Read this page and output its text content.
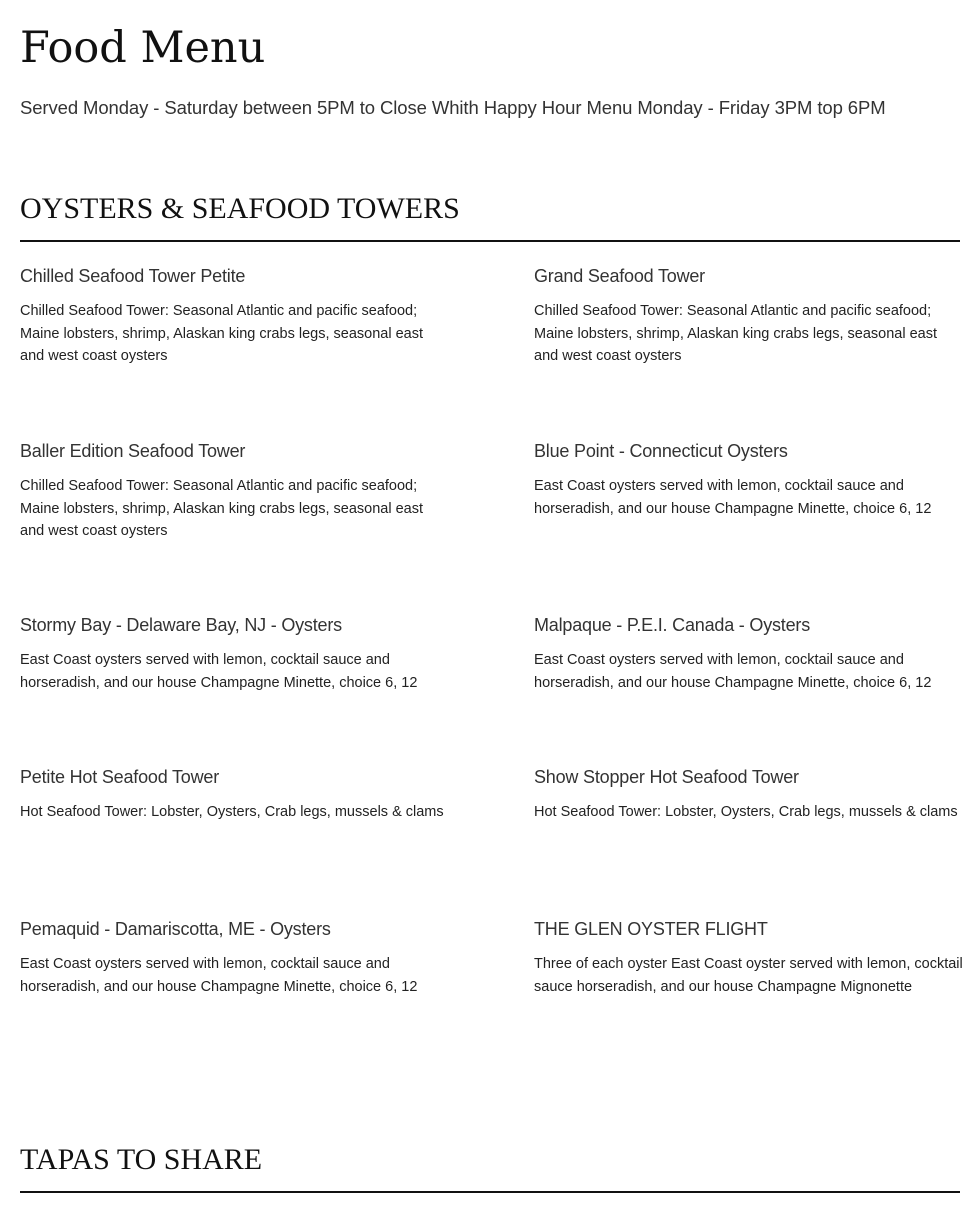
Food Menu

Served Monday - Saturday between 5PM to Close Whith Happy Hour Menu Monday - Friday 3PM top 6PM

OYSTERS & SEAFOOD TOWERS

Chilled Seafood Tower Petite

Chilled Seafood Tower: Seasonal Atlantic and pacific seafood; Maine lobsters, shrimp, Alaskan king crabs legs, seasonal east and west coast oysters

Grand Seafood Tower

Chilled Seafood Tower: Seasonal Atlantic and pacific seafood; Maine lobsters, shrimp, Alaskan king crabs legs, seasonal east and west coast oysters

Baller Edition Seafood Tower

Chilled Seafood Tower: Seasonal Atlantic and pacific seafood; Maine lobsters, shrimp, Alaskan king crabs legs, seasonal east and west coast oysters

Blue Point - Connecticut Oysters

East Coast oysters served with lemon, cocktail sauce and horseradish, and our house Champagne Minette, choice 6, 12

Stormy Bay - Delaware Bay, NJ - Oysters

East Coast oysters served with lemon, cocktail sauce and horseradish, and our house Champagne Minette, choice 6, 12

Malpaque - P.E.I. Canada - Oysters

East Coast oysters served with lemon, cocktail sauce and horseradish, and our house Champagne Minette, choice 6, 12

Petite Hot Seafood Tower

Hot Seafood Tower: Lobster, Oysters, Crab legs, mussels & clams

Show Stopper Hot Seafood Tower

Hot Seafood Tower: Lobster, Oysters, Crab legs, mussels & clams

Pemaquid - Damariscotta, ME - Oysters

East Coast oysters served with lemon, cocktail sauce and horseradish, and our house Champagne Minette, choice 6, 12

THE GLEN OYSTER FLIGHT

Three of each oyster East Coast oyster served with lemon, cocktail sauce horseradish, and our house Champagne Mignonette

TAPAS TO SHARE
